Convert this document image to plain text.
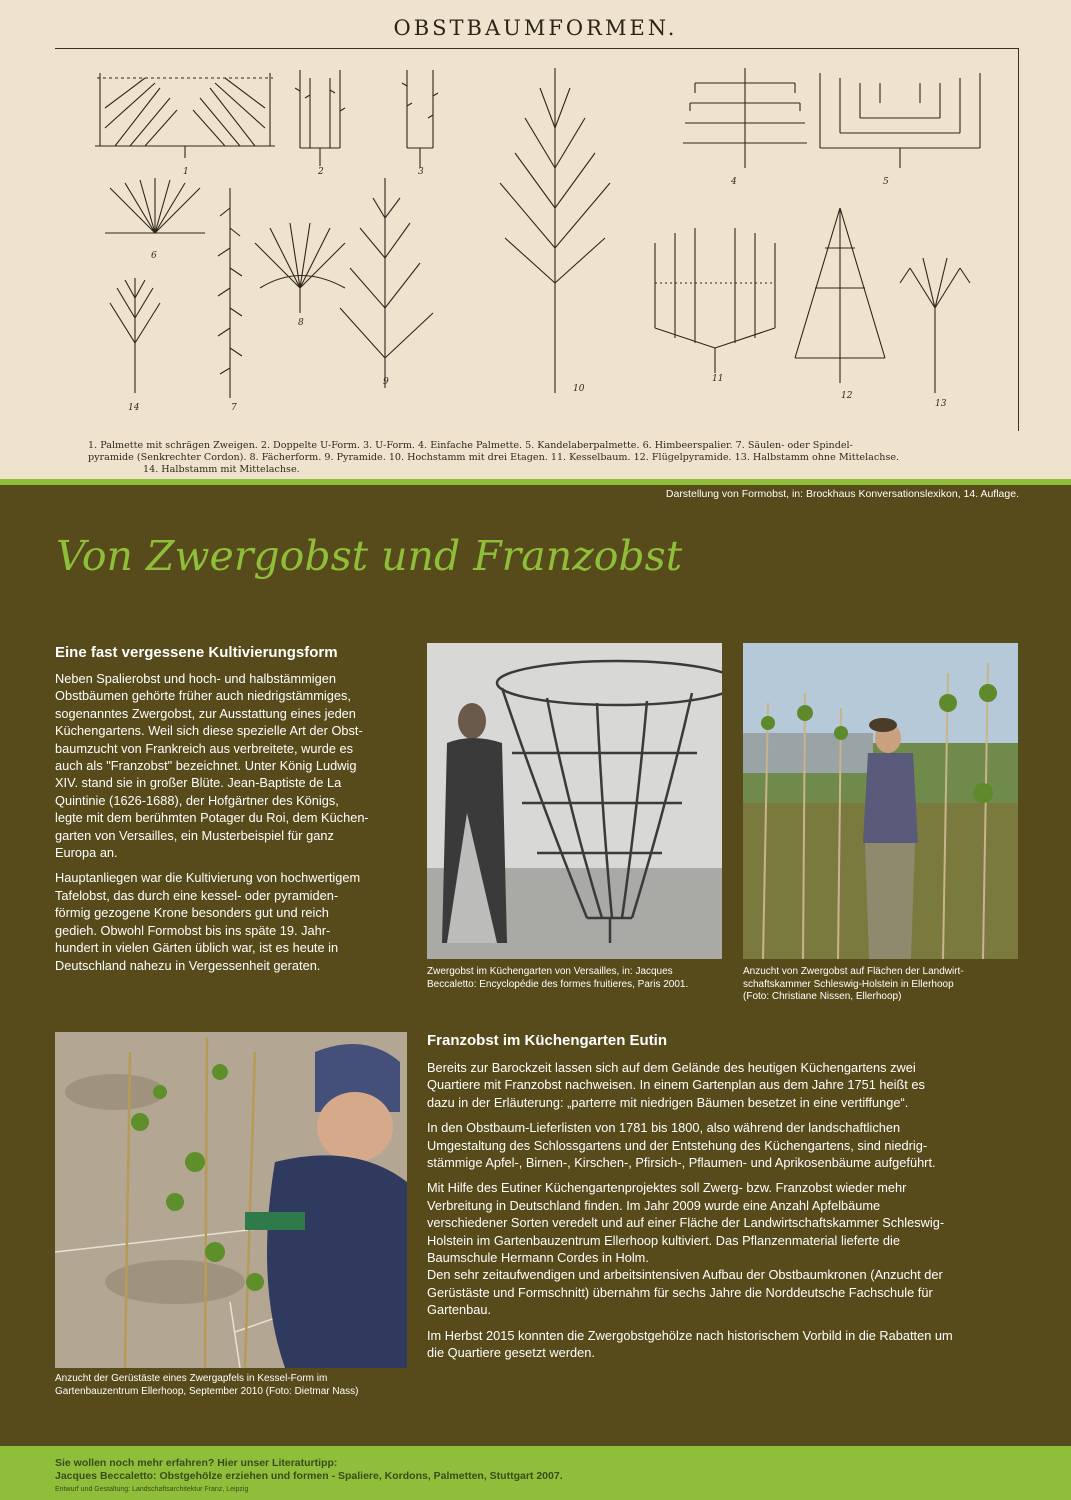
OBSTBAUMFORMEN.
1	2	3
4	5
6
7
8
9
10
11
12
13
14
1. Palmette mit schrägen Zweigen. 2. Doppelte U-Form. 3. U-Form. 4. Einfache Palmette. 5. Kandelaberpalmette. 6. Himbeerspalier. 7. Säulen- oder Spindel-
pyramide (Senkrechter Cordon). 8. Fächerform. 9. Pyramide. 10. Hochstamm mit drei Etagen. 11. Kesselbaum. 12. Flügelpyramide. 13. Halbstamm ohne Mittelachse.
14. Halbstamm mit Mittelachse.
Darstellung von Formobst, in: Brockhaus Konversationslexikon, 14. Auflage.
Von Zwergobst und Franzobst
Eine fast vergessene Kultivierungsform

Neben Spalierobst und hoch- und halbstämmigen
Obstbäumen gehörte früher auch niedrigstämmiges,
sogenanntes Zwergobst, zur Ausstattung eines jeden
Küchengartens. Weil sich diese spezielle Art der Obst-
baumzucht von Frankreich aus verbreitete, wurde es
auch als "Franzobst" bezeichnet. Unter König Ludwig
XIV. stand sie in großer Blüte. Jean-Baptiste de La
Quintinie (1626-1688), der Hofgärtner des Königs,
legte mit dem berühmten Potager du Roi, dem Küchen-
garten von Versailles, ein Musterbeispiel für ganz
Europa an.

Hauptanliegen war die Kultivierung von hochwertigem
Tafelobst, das durch eine kessel- oder pyramiden-
förmig gezogene Krone besonders gut und reich
gedieh. Obwohl Formobst bis ins späte 19. Jahr-
hundert in vielen Gärten üblich war, ist es heute in
Deutschland nahezu in Vergessenheit geraten.	Zwergobst im Küchengarten von Versailles, in: Jacques
Beccaletto: Encyclopédie des formes fruitieres, Paris 2001.
Anzucht von Zwergobst auf Flächen der Landwirt-
schaftskammer Schleswig-Holstein in Ellerhoop
(Foto: Christiane Nissen, Ellerhoop)
Anzucht der Gerüstäste eines Zwergapfels in Kessel-Form im
Gartenbauzentrum Ellerhoop, September 2010 (Foto: Dietmar Nass)
Franzobst im Küchengarten Eutin

Bereits zur Barockzeit lassen sich auf dem Gelände des heutigen Küchengartens zwei
Quartiere mit Franzobst nachweisen. In einem Gartenplan aus dem Jahre 1751 heißt es
dazu in der Erläuterung: „parterre mit niedrigen Bäumen besetzet in eine vertiffunge“.

In den Obstbaum-Lieferlisten von 1781 bis 1800, also während der landschaftlichen
Umgestaltung des Schlossgartens und der Entstehung des Küchengartens, sind niedrig-
stämmige Apfel-, Birnen-, Kirschen-, Pfirsich-, Pflaumen- und Aprikosenbäume aufgeführt.

Mit Hilfe des Eutiner Küchengartenprojektes soll Zwerg- bzw. Franzobst wieder mehr
Verbreitung in Deutschland finden. Im Jahr 2009 wurde eine Anzahl Apfelbäume
verschiedener Sorten veredelt und auf einer Fläche der Landwirtschaftskammer Schleswig-
Holstein im Gartenbauzentrum Ellerhoop kultiviert. Das Pflanzenmaterial lieferte die
Baumschule Hermann Cordes in Holm.
Den sehr zeitaufwendigen und arbeitsintensiven Aufbau der Obstbaumkronen (Anzucht der
Gerüstäste und Formschnitt) übernahm für sechs Jahre die Norddeutsche Fachschule für
Gartenbau.

Im Herbst 2015 konnten die Zwergobstgehölze nach historischem Vorbild in die Rabatten um
die Quartiere gesetzt werden.

Sie wollen noch mehr erfahren? Hier unser Literaturtipp:
Jacques Beccaletto: Obstgehölze erziehen und formen - Spaliere, Kordons, Palmetten, Stuttgart 2007.
Entwurf und Gestaltung: Landschaftsarchitektur Franz, Leipzig
